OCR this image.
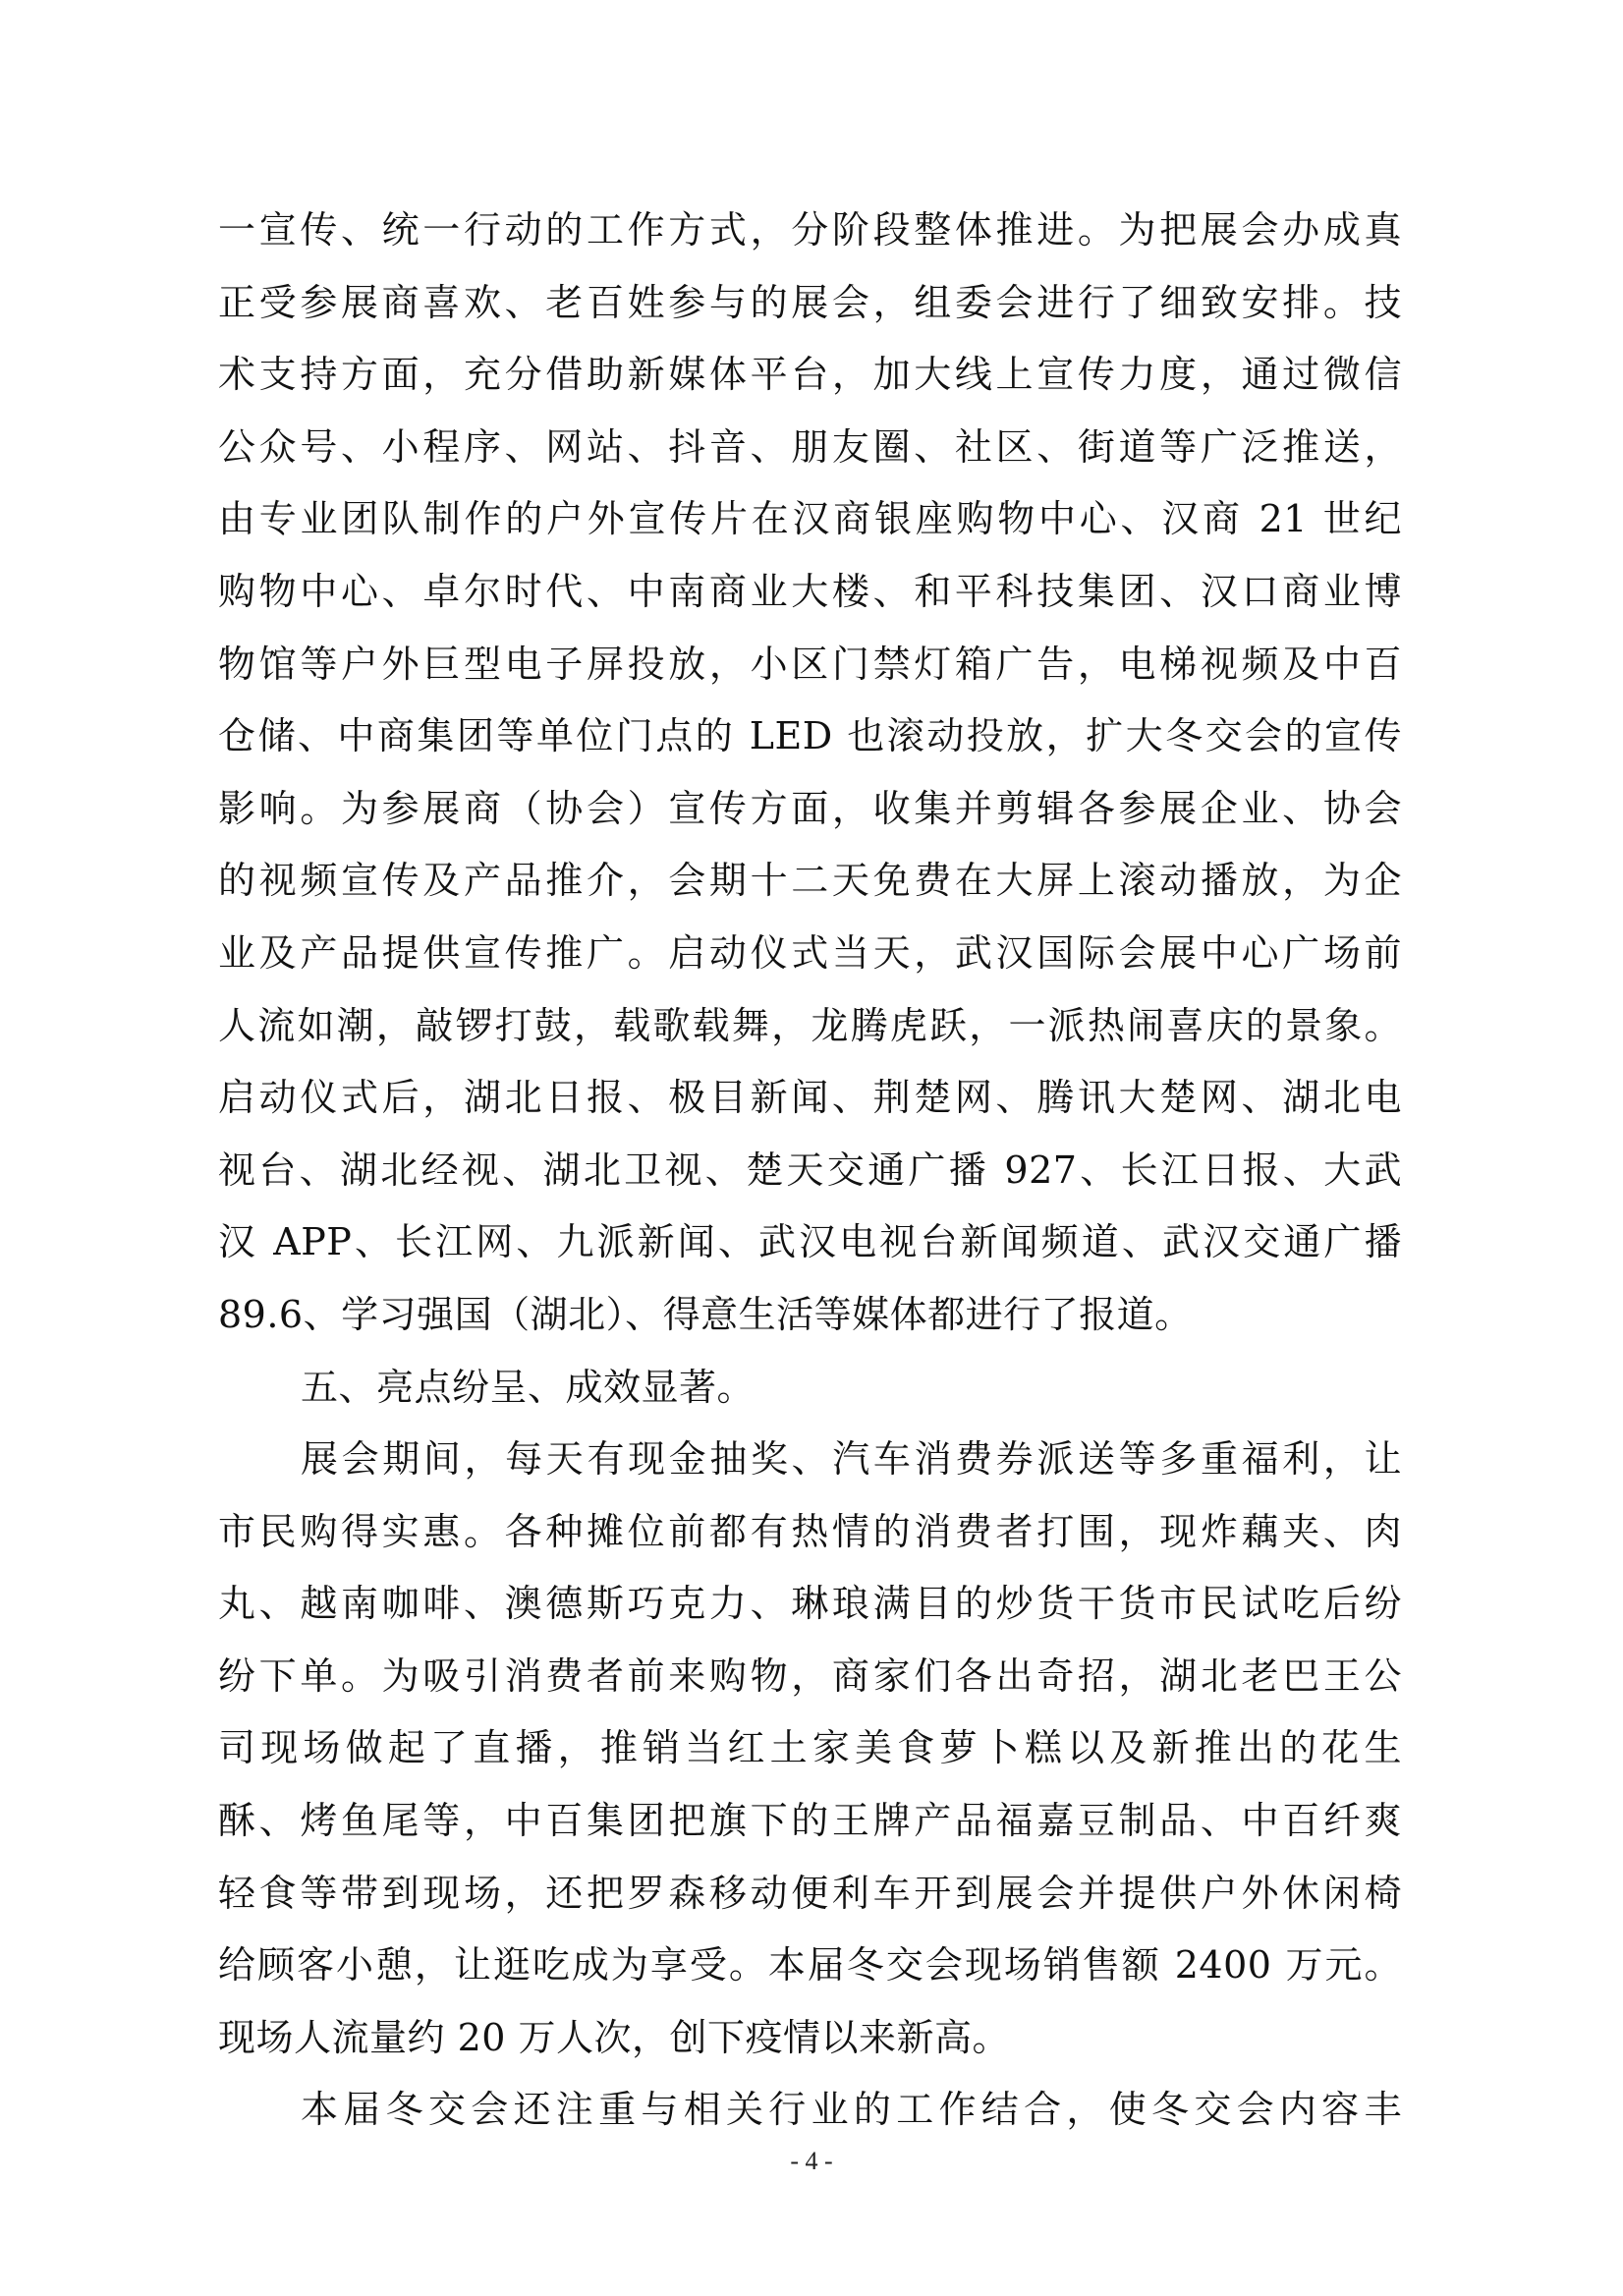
一宣传、统一行动的工作方式，分阶段整体推进。为把展会办成真
正受参展商喜欢、老百姓参与的展会，组委会进行了细致安排。技
术支持方面，充分借助新媒体平台，加大线上宣传力度，通过微信
公众号、小程序、网站、抖音、朋友圈、社区、街道等广泛推送，
由专业团队制作的户外宣传片在汉商银座购物中心、汉商 21 世纪
购物中心、卓尔时代、中南商业大楼、和平科技集团、汉口商业博
物馆等户外巨型电子屏投放，小区门禁灯箱广告，电梯视频及中百
仓储、中商集团等单位门点的 LED 也滚动投放，扩大冬交会的宣传
影响。为参展商（协会）宣传方面，收集并剪辑各参展企业、协会
的视频宣传及产品推介，会期十二天免费在大屏上滚动播放，为企
业及产品提供宣传推广。启动仪式当天，武汉国际会展中心广场前
人流如潮，敲锣打鼓，载歌载舞，龙腾虎跃，一派热闹喜庆的景象。
启动仪式后，湖北日报、极目新闻、荆楚网、腾讯大楚网、湖北电
视台、湖北经视、湖北卫视、楚天交通广播 927、长江日报、大武
汉 APP、长江网、九派新闻、武汉电视台新闻频道、武汉交通广播
89.6、学习强国（湖北）、得意生活等媒体都进行了报道。
五、亮点纷呈、成效显著。
展会期间，每天有现金抽奖、汽车消费券派送等多重福利，让
市民购得实惠。各种摊位前都有热情的消费者打围，现炸藕夹、肉
丸、越南咖啡、澳德斯巧克力、琳琅满目的炒货干货市民试吃后纷
纷下单。为吸引消费者前来购物，商家们各出奇招，湖北老巴王公
司现场做起了直播，推销当红土家美食萝卜糕以及新推出的花生
酥、烤鱼尾等，中百集团把旗下的王牌产品福嘉豆制品、中百纤爽
轻食等带到现场，还把罗森移动便利车开到展会并提供户外休闲椅
给顾客小憩，让逛吃成为享受。本届冬交会现场销售额 2400 万元。
现场人流量约 20 万人次，创下疫情以来新高。
本届冬交会还注重与相关行业的工作结合，使冬交会内容丰
- 4 -
